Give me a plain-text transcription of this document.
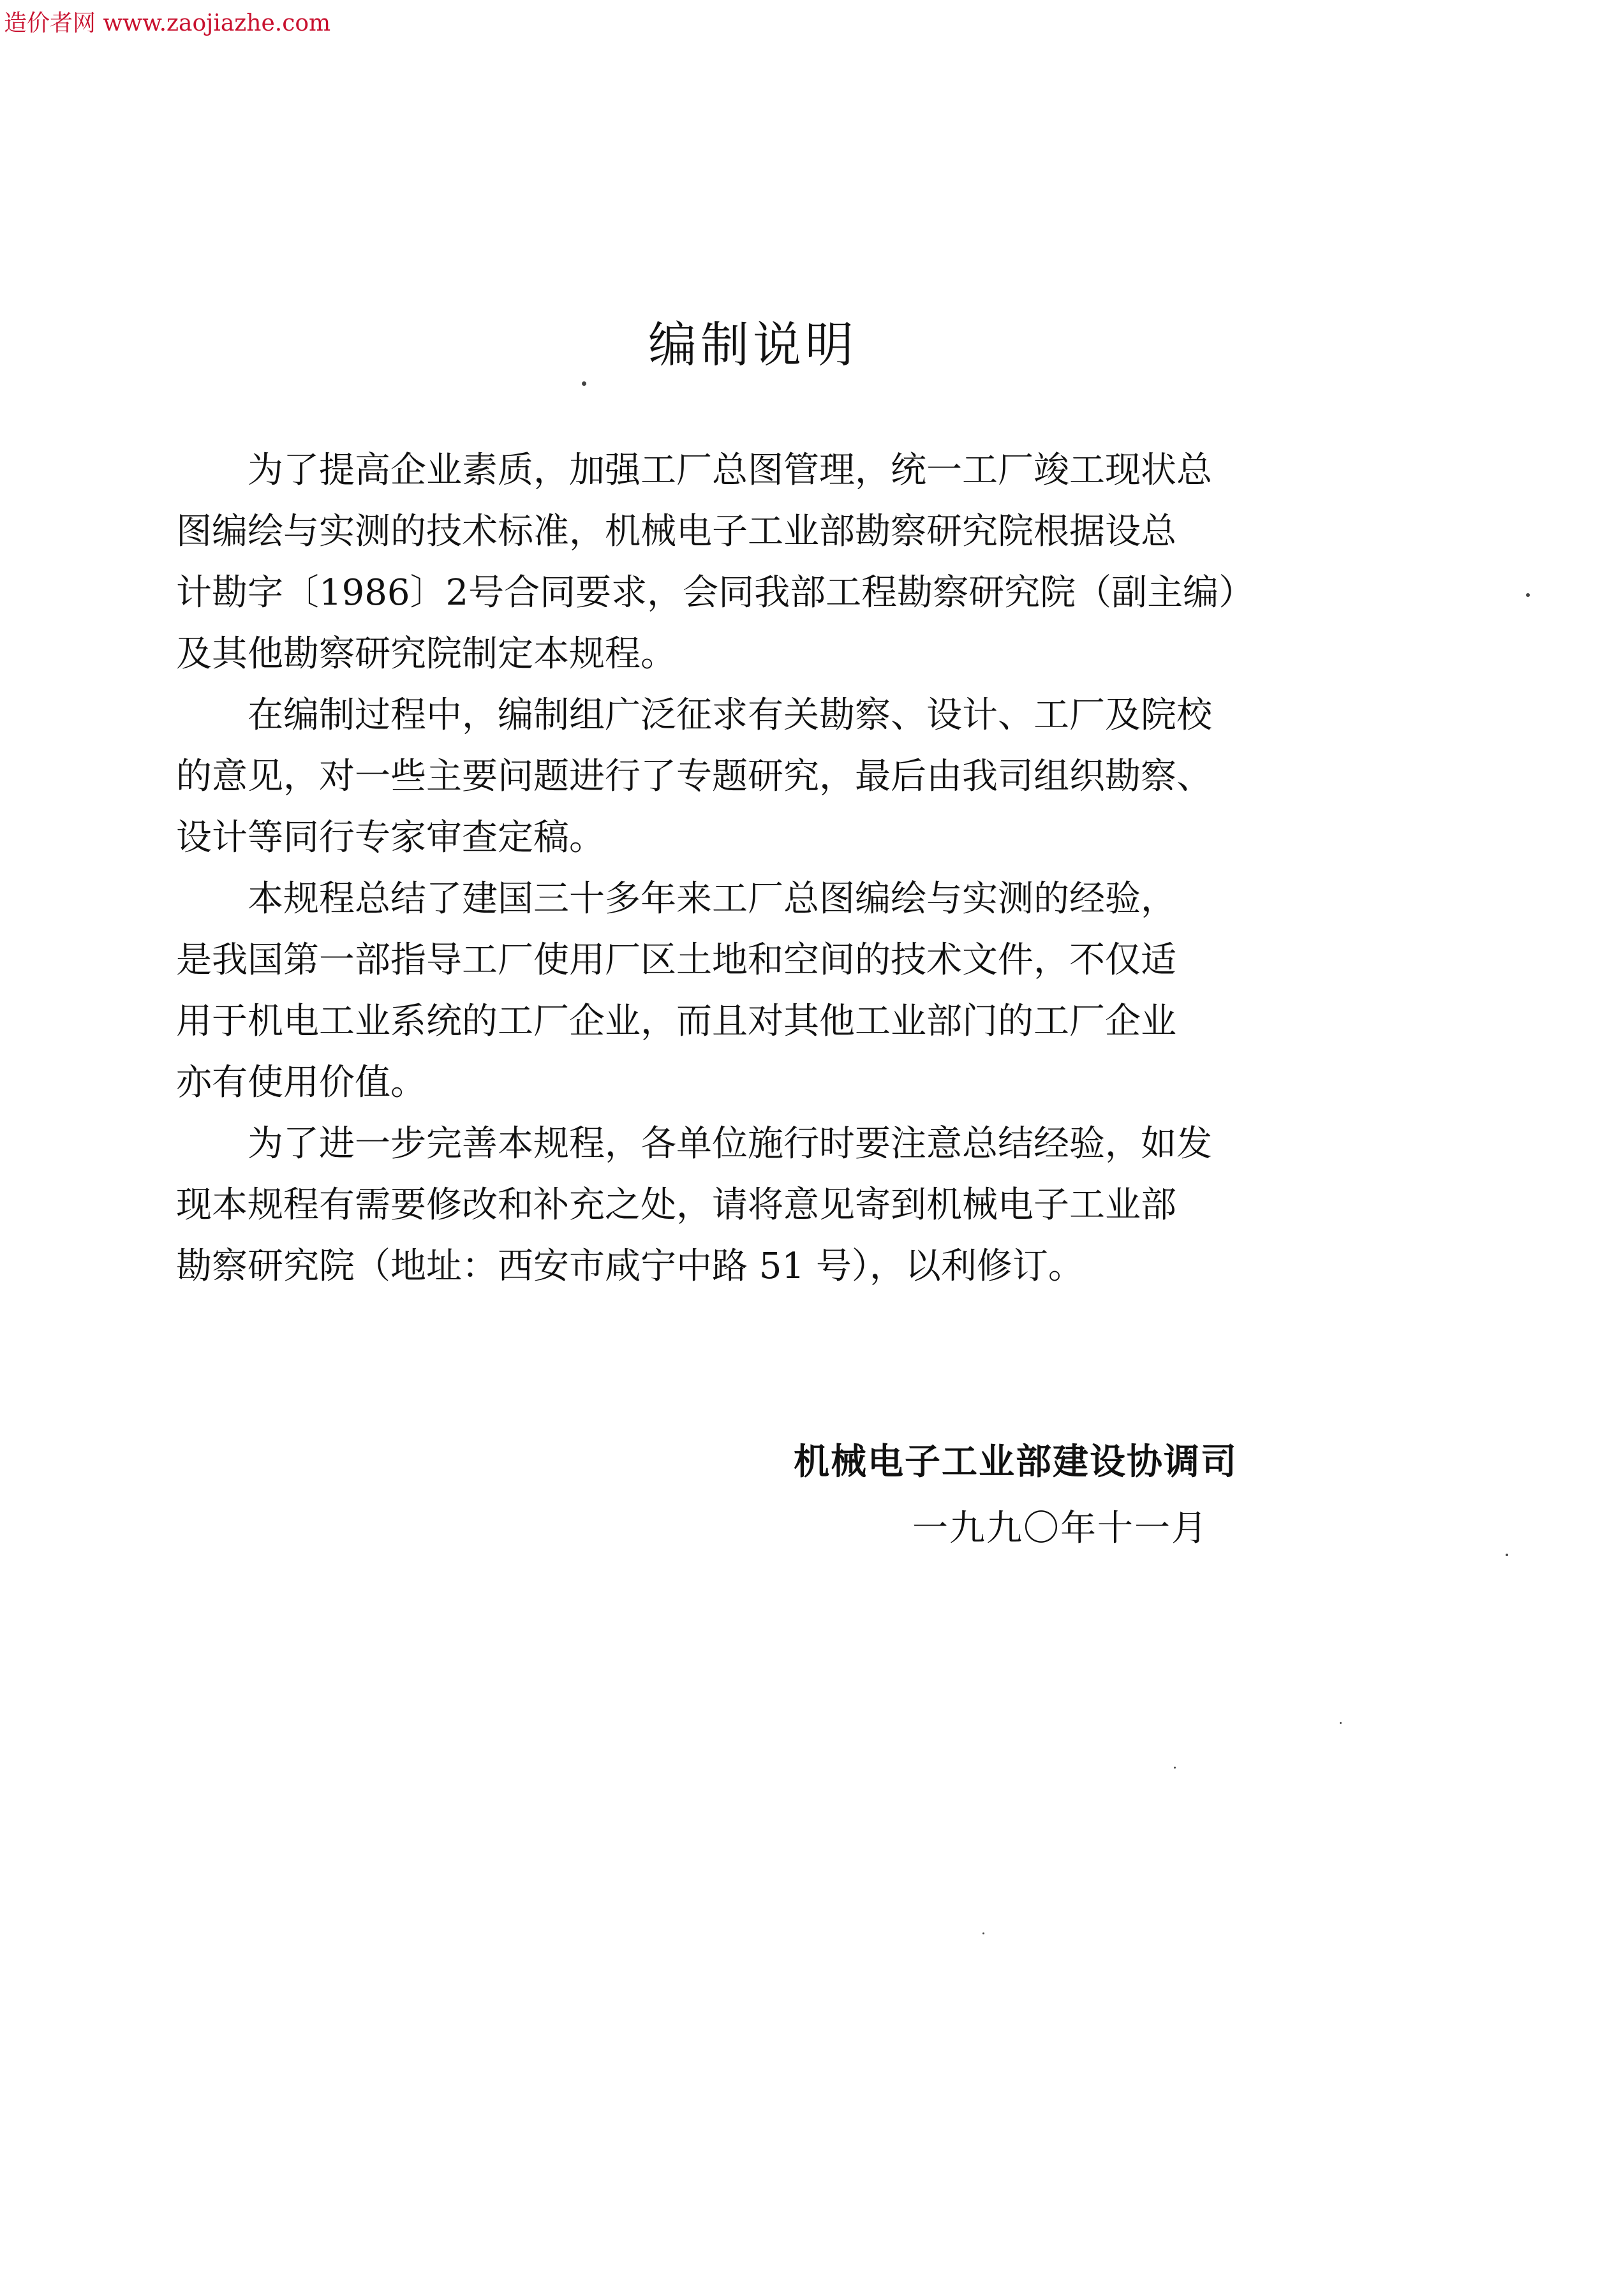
造价者网 www.zaojiazhe.com
编制说明

为了提高企业素质，加强工厂总图管理，统一工厂竣工现状总
图编绘与实测的技术标准，机械电子工业部勘察研究院根据设总
计勘字〔1986〕2号合同要求，会同我部工程勘察研究院（副主编）
及其他勘察研究院制定本规程。

在编制过程中，编制组广泛征求有关勘察、设计、工厂及院校
的意见，对一些主要问题进行了专题研究，最后由我司组织勘察、
设计等同行专家审查定稿。

本规程总结了建国三十多年来工厂总图编绘与实测的经验，
是我国第一部指导工厂使用厂区土地和空间的技术文件，不仅适
用于机电工业系统的工厂企业，而且对其他工业部门的工厂企业
亦有使用价值。

为了进一步完善本规程，各单位施行时要注意总结经验，如发
现本规程有需要修改和补充之处，请将意见寄到机械电子工业部
勘察研究院（地址：西安市咸宁中路 51 号），以利修订。

机械电子工业部建设协调司
一九九〇年十一月
